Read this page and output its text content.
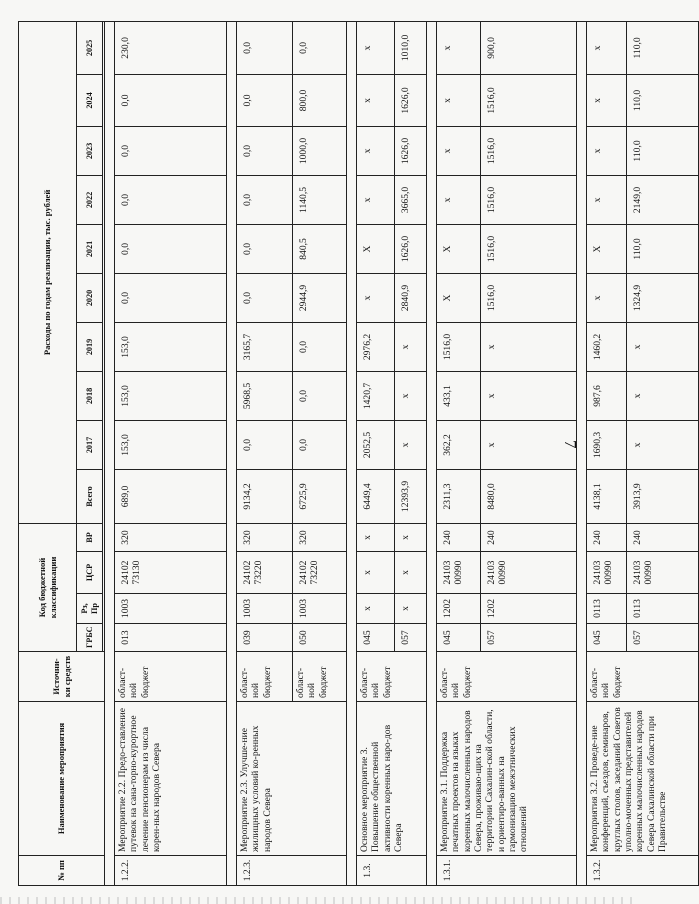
7
№ пп	Наименование мероприятия	Источни-ки средств	Код бюджетной классификации				Расходы по годам реализации, тыс. рублей									
			ГРБС	Рз, Пр	ЦСР	ВР	Всего	2017	2018	2019	2020	2021	2022	2023	2024	2025

1.2.2.	Мероприятие 2.2. Предо-ставление путевок на сана-торно-курортное лечение пенсионерам из числа корен-ных народов Севера	област-ной бюджет	013	1003	24102 73130	320	689,0	153,0	153,0	153,0	0,0	0,0	0,0	0,0	0,0	230,0

1.2.3.	Мероприятие 2.3. Улучше-ние жилищных условий ко-ренных народов Севера	област-ной бюджет	039	1003	24102 73220	320	9134,2	0,0	5968,5	3165,7	0,0	0,0	0,0	0,0	0,0	0,0
		област-ной бюджет	050	1003	24102 73220	320	6725,9	0,0	0,0	0,0	2944,9	840,5	1140,5	1000,0	800,0	0,0

1.3.	Основное мероприятие 3. Повышение общественной активности коренных наро-дов Севера	област-ной бюджет	045	x	x	x	6449,4	2052,5	1420,7	2976,2	x	X	x	x	x	x
			057	x	x	x	12393,9	x	x	x	2840,9	1626,0	3665,0	1626,0	1626,0	1010,0

1.3.1.	Мероприятие 3.1. Поддержка печатных проектов на языках коренных малочисленных народов Севера, проживаю-щих на территории Сахалин-ской области, и ориентиро-ванных на гармонизацию межэтнических отношений	област-ной бюджет	045	1202	24103 00990	240	2311,3	362,2	433,1	1516,0	X	X	x	x	x	x
			057	1202	24103 00990	240	8480,0	x	x	x	1516,0	1516,0	1516,0	1516,0	1516,0	900,0

1.3.2.	Мероприятия 3.2. Проведе-ние конференций, съездов, семинаров, круглых столов, заседаний Советов уполно-моченных представителей коренных малочисленных народов Севера Сахалинской области при Правительстве	област-ной бюджет	045	0113	24103 00990	240	4138,1	1690,3	987,6	1460,2	x	X	x	x	x	x
			057	0113	24103 00990	240	3913,9	x	x	x	1324,9	110,0	2149,0	110,0	110,0	110,0
